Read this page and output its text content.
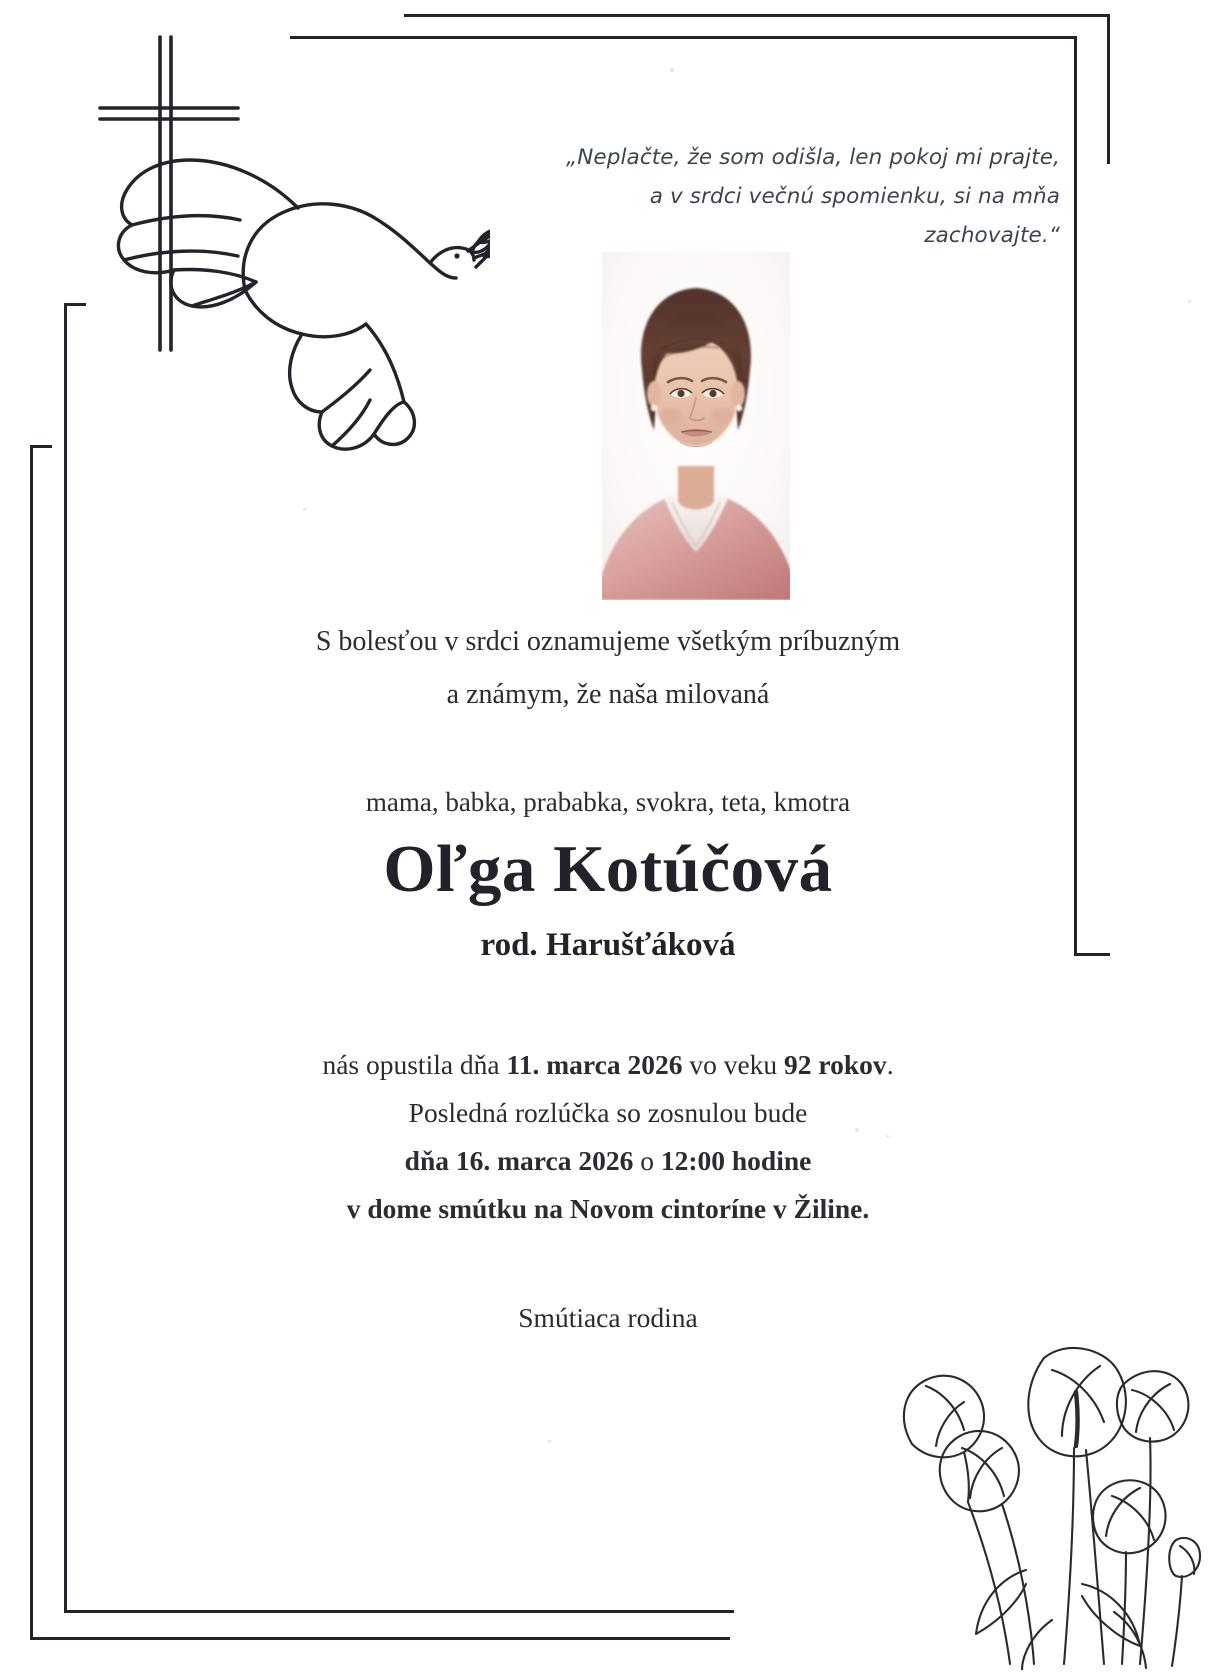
„Neplačte, že som odišla, len pokoj mi prajte,
a v srdci večnú spomienku, si na mňa
zachovajte.“
S bolesťou v srdci oznamujeme všetkým príbuzným
a známym, že naša milovaná
mama, babka, prababka, svokra, teta, kmotra
Oľga Kotúčová
rod. Harušťáková
nás opustila dňa 11. marca 2026 vo veku 92 rokov.
Posledná rozlúčka so zosnulou bude
dňa 16. marca 2026 o 12:00 hodine
v dome smútku na Novom cintoríne v Žiline.
Smútiaca rodina
